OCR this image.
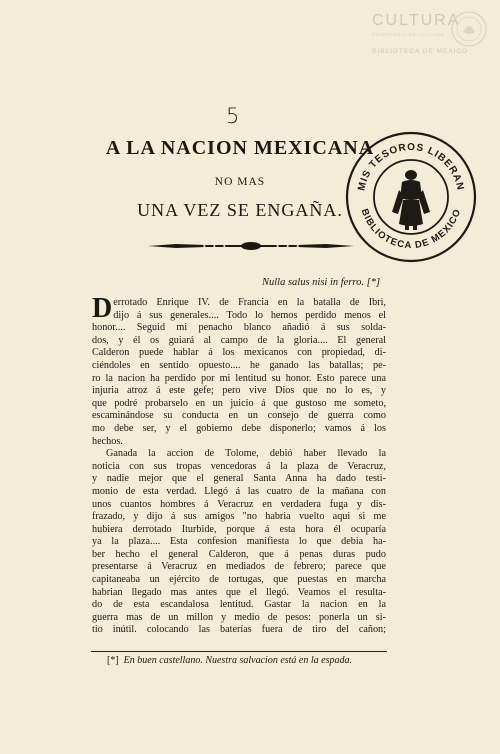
CULTURA
SECRETARÍA DE CULTURA
BIBLIOTECA DE MÉXICO
5
A LA NACION MEXICANA
NO MAS
UNA VEZ SE ENGAÑA.
MIS TESOROS LIBERAN
BIBLIOTECA DE MEXICO
Nulla salus nisi in ferro. [*]
D errotado Enrique IV. de Francia en la batalla de Ibri,
dijo á sus generales.... Todo lo hemos perdido menos el
honor.... Seguid mi penacho blanco añadió á sus solda-
dos, y él os guiará al campo de la gloria.... El general
Calderon puede hablar á los mexicanos con propiedad, di-
ciéndoles en sentido opuesto.... he ganado las batallas; pe-
ro la nacion ha perdido por mi lentitud su honor. Esto parece una
injuria atroz á este gefe; pero vive Dios que no lo es, y
que podré probarselo en un juicio á que gustoso me someto,
escaminándose su conducta en un consejo de guerra como
mo debe ser, y el gobierno debe disponerlo; vamos á los
hechos.
Ganada la accion de Tolome, debió haber llevado la
noticia con sus tropas vencedoras á la plaza de Veracruz,
y nadie mejor que el general Santa Anna ha dado testi-
monio de esta verdad. Llegó á las cuatro de la mañana con
unos cuantos hombres á Veracruz en verdadera fuga y dis-
frazado, y dijo á sus amigos "no habria vuelto aqui si me
hubiera derrotado Iturbide, porque á esta hora él ocuparía
ya la plaza.... Esta confesion manifiesta lo que debia ha-
ber hecho el general Calderon, que á penas duras pudo
presentarse á Veracruz en mediados de febrero; parece que
capitaneaba un ejército de tortugas, que puestas en marcha
habrian llegado mas antes que el llegó. Veamos el resulta-
do de esta escandalosa lentitud. Gastar la nacion en la
guerra mas de un millon y medio de pesos: ponerla un si-
tio inútil. colocando las baterías fuera de tiro del cañon;
[*] En buen castellano. Nuestra salvacion está en la espada.
